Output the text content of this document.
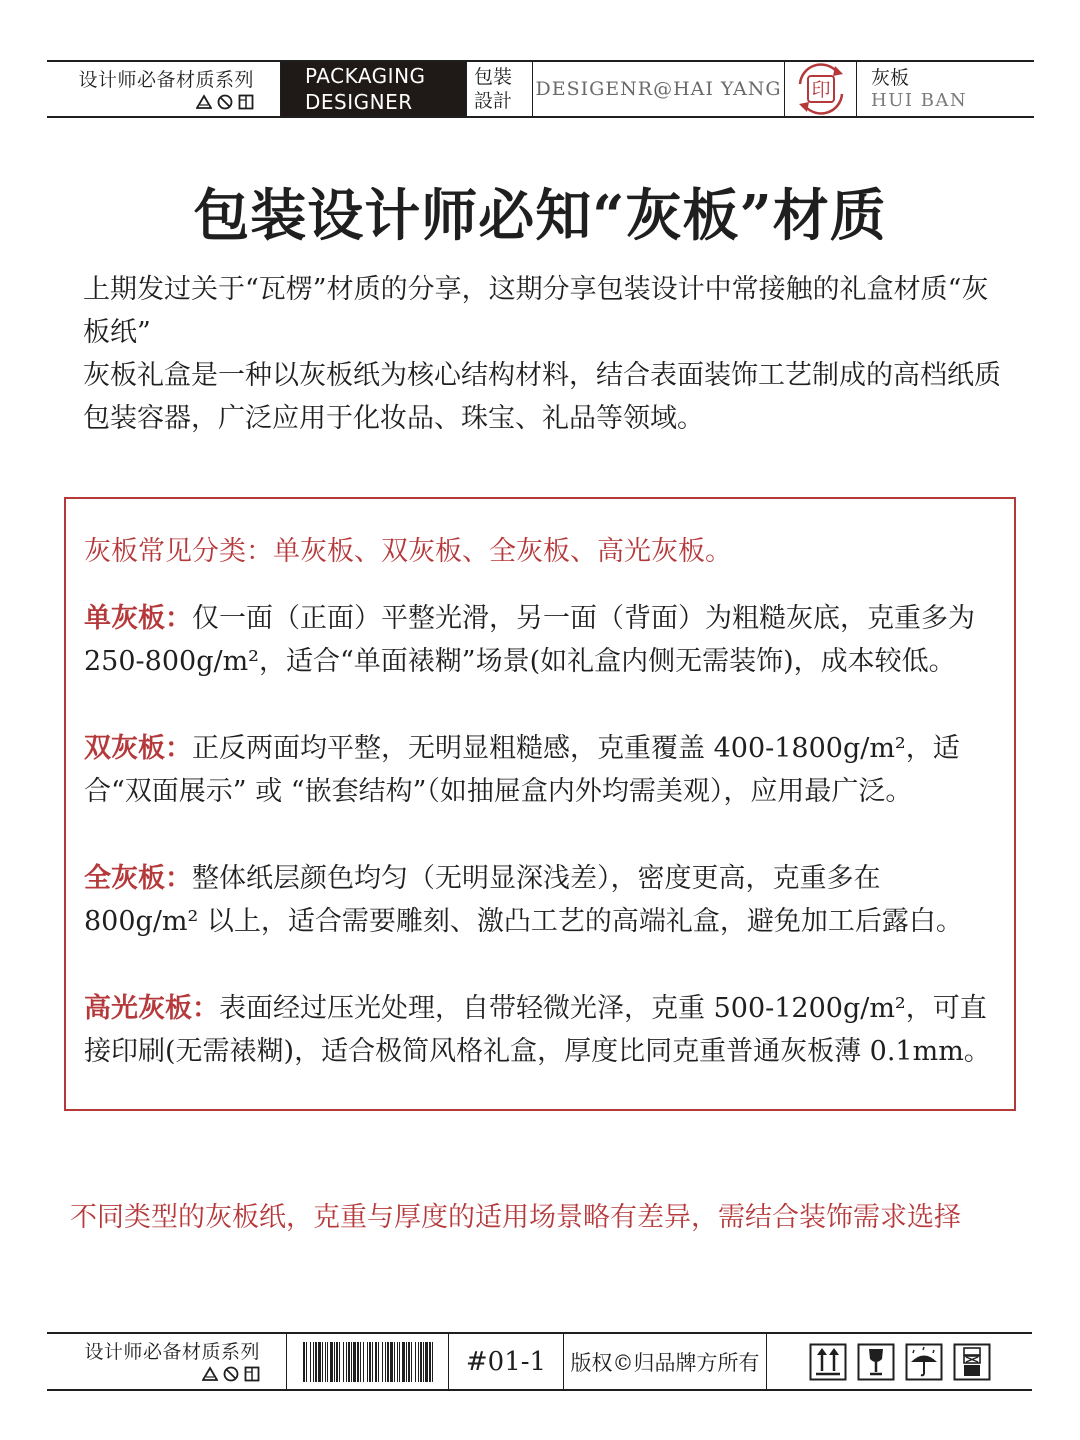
设计师必备材质系列	PACKAGING
DESIGNER
包裝
設計
DESIGENR@HAI YANG 印
灰板
HUI BAN
包装设计师必知“灰板”材质

上期发过关于“瓦楞”材质的分享，这期分享包装设计中常接触的礼盒材质“灰板纸”

灰板礼盒是一种以灰板纸为核心结构材料，结合表面装饰工艺制成的高档纸质包装容器，广泛应用于化妆品、珠宝、礼品等领域。

灰板常见分类：单灰板、双灰板、全灰板、高光灰板。

单灰板：仅一面（正面）平整光滑，另一面（背面）为粗糙灰底，克重多为250-800g/m²，适合“单面裱糊”场景(如礼盒内侧无需装饰)，成本较低。

双灰板：正反两面均平整，无明显粗糙感，克重覆盖 400-1800g/m²，适合“双面展示” 或 “嵌套结构”（如抽屉盒内外均需美观），应用最广泛。

全灰板：整体纸层颜色均匀（无明显深浅差），密度更高，克重多在800g/m² 以上，适合需要雕刻、激凸工艺的高端礼盒，避免加工后露白。

高光灰板：表面经过压光处理，自带轻微光泽，克重 500-1200g/m²，可直接印刷(无需裱糊)，适合极简风格礼盒，厚度比同克重普通灰板薄 0.1mm。

不同类型的灰板纸，克重与厚度的适用场景略有差异，需结合装饰需求选择
设计师必备材质系列	#01-1 版权©归品牌方所有
